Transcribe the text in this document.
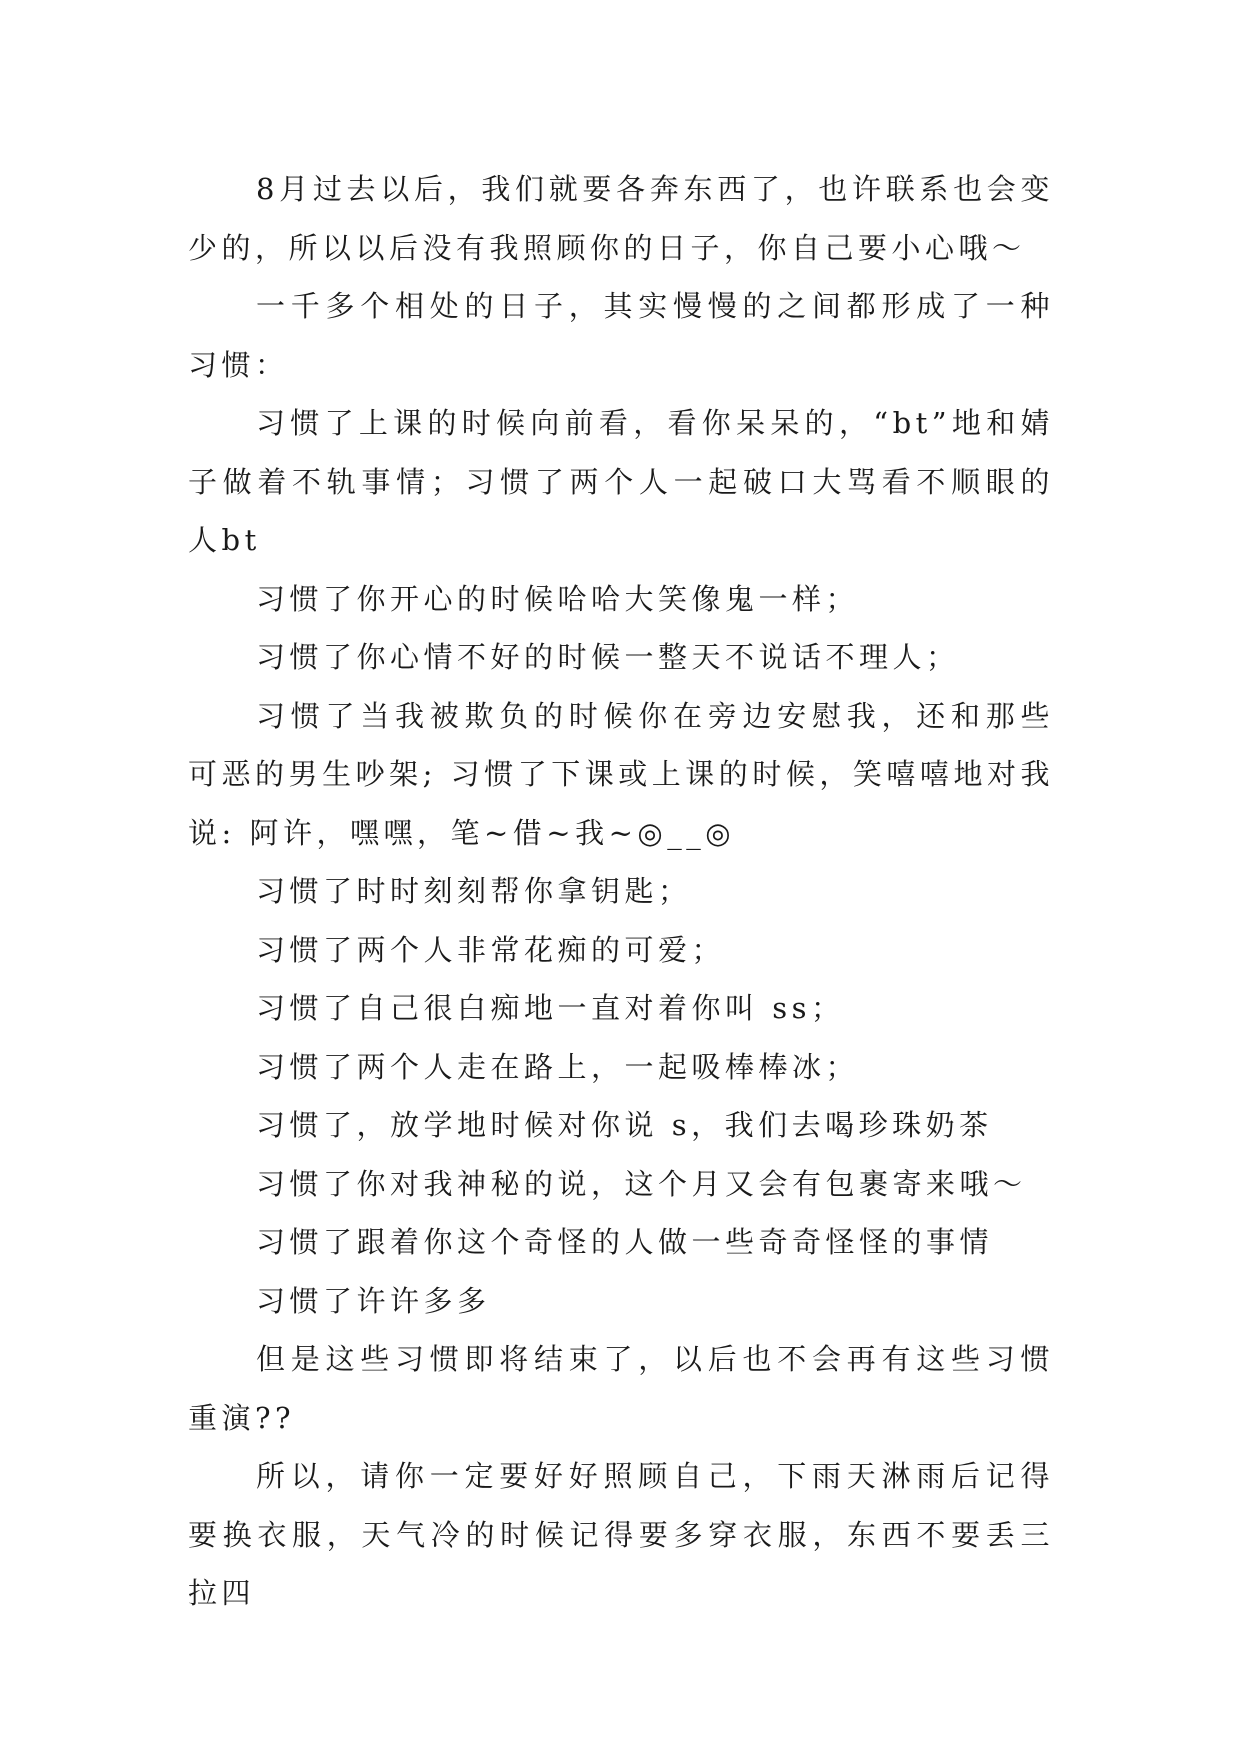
8月过去以后，我们就要各奔东西了，也许联系也会变少的，所以以后没有我照顾你的日子，你自己要小心哦～

一千多个相处的日子，其实慢慢的之间都形成了一种习惯：

习惯了上课的时候向前看，看你呆呆的，“bt”地和婧子做着不轨事情；习惯了两个人一起破口大骂看不顺眼的人bt

习惯了你开心的时候哈哈大笑像鬼一样；

习惯了你心情不好的时候一整天不说话不理人；

习惯了当我被欺负的时候你在旁边安慰我，还和那些可恶的男生吵架; 习惯了下课或上课的时候，笑嘻嘻地对我说: 阿许，嘿嘿，笔~借~我~◎__◎

习惯了时时刻刻帮你拿钥匙；

习惯了两个人非常花痴的可爱；

习惯了自己很白痴地一直对着你叫 ss；

习惯了两个人走在路上，一起吸棒棒冰；

习惯了，放学地时候对你说 s，我们去喝珍珠奶茶

习惯了你对我神秘的说，这个月又会有包裹寄来哦～

习惯了跟着你这个奇怪的人做一些奇奇怪怪的事情

习惯了许许多多

但是这些习惯即将结束了，以后也不会再有这些习惯重演??

所以，请你一定要好好照顾自己，下雨天淋雨后记得要换衣服，天气冷的时候记得要多穿衣服，东西不要丢三拉四
